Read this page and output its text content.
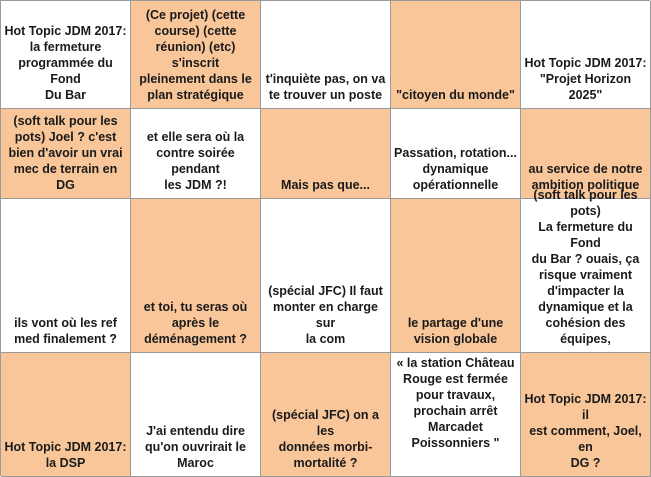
Hot Topic JDM 2017:
la fermeture
programmée du Fond
Du Bar
(Ce projet) (cette
course) (cette
réunion) (etc) s'inscrit
pleinement dans le
plan stratégique
t'inquiète pas, on va
te trouver un poste "citoyen du monde"
Hot Topic JDM 2017:
"Projet Horizon 2025"
(soft talk pour les
pots) Joel ? c'est
bien d'avoir un vrai
mec de terrain en DG
et elle sera où la
contre soirée pendant
les JDM ?!	Mais pas que...
Passation, rotation...
dynamique
opérationnelle
au service de notre
ambition politique
ils vont où les ref
med finalement ?
et toi, tu seras où
après le
déménagement ?
(spécial JFC) Il faut
monter en charge sur
la com
le partage d'une
vision globale
(soft talk pour les pots)
La fermeture du Fond
du Bar ? ouais, ça
risque vraiment
d'impacter la
dynamique et la
cohésion des équipes,
Hot Topic JDM 2017:
la DSP
J'ai entendu dire
qu'on ouvrirait le
Maroc
(spécial JFC) on a les
données morbi-
mortalité ?
« la station Château
Rouge est fermée
pour travaux,
prochain arrêt
Marcadet
Poissonniers "
Hot Topic JDM 2017: il
est comment, Joel, en
DG ?
